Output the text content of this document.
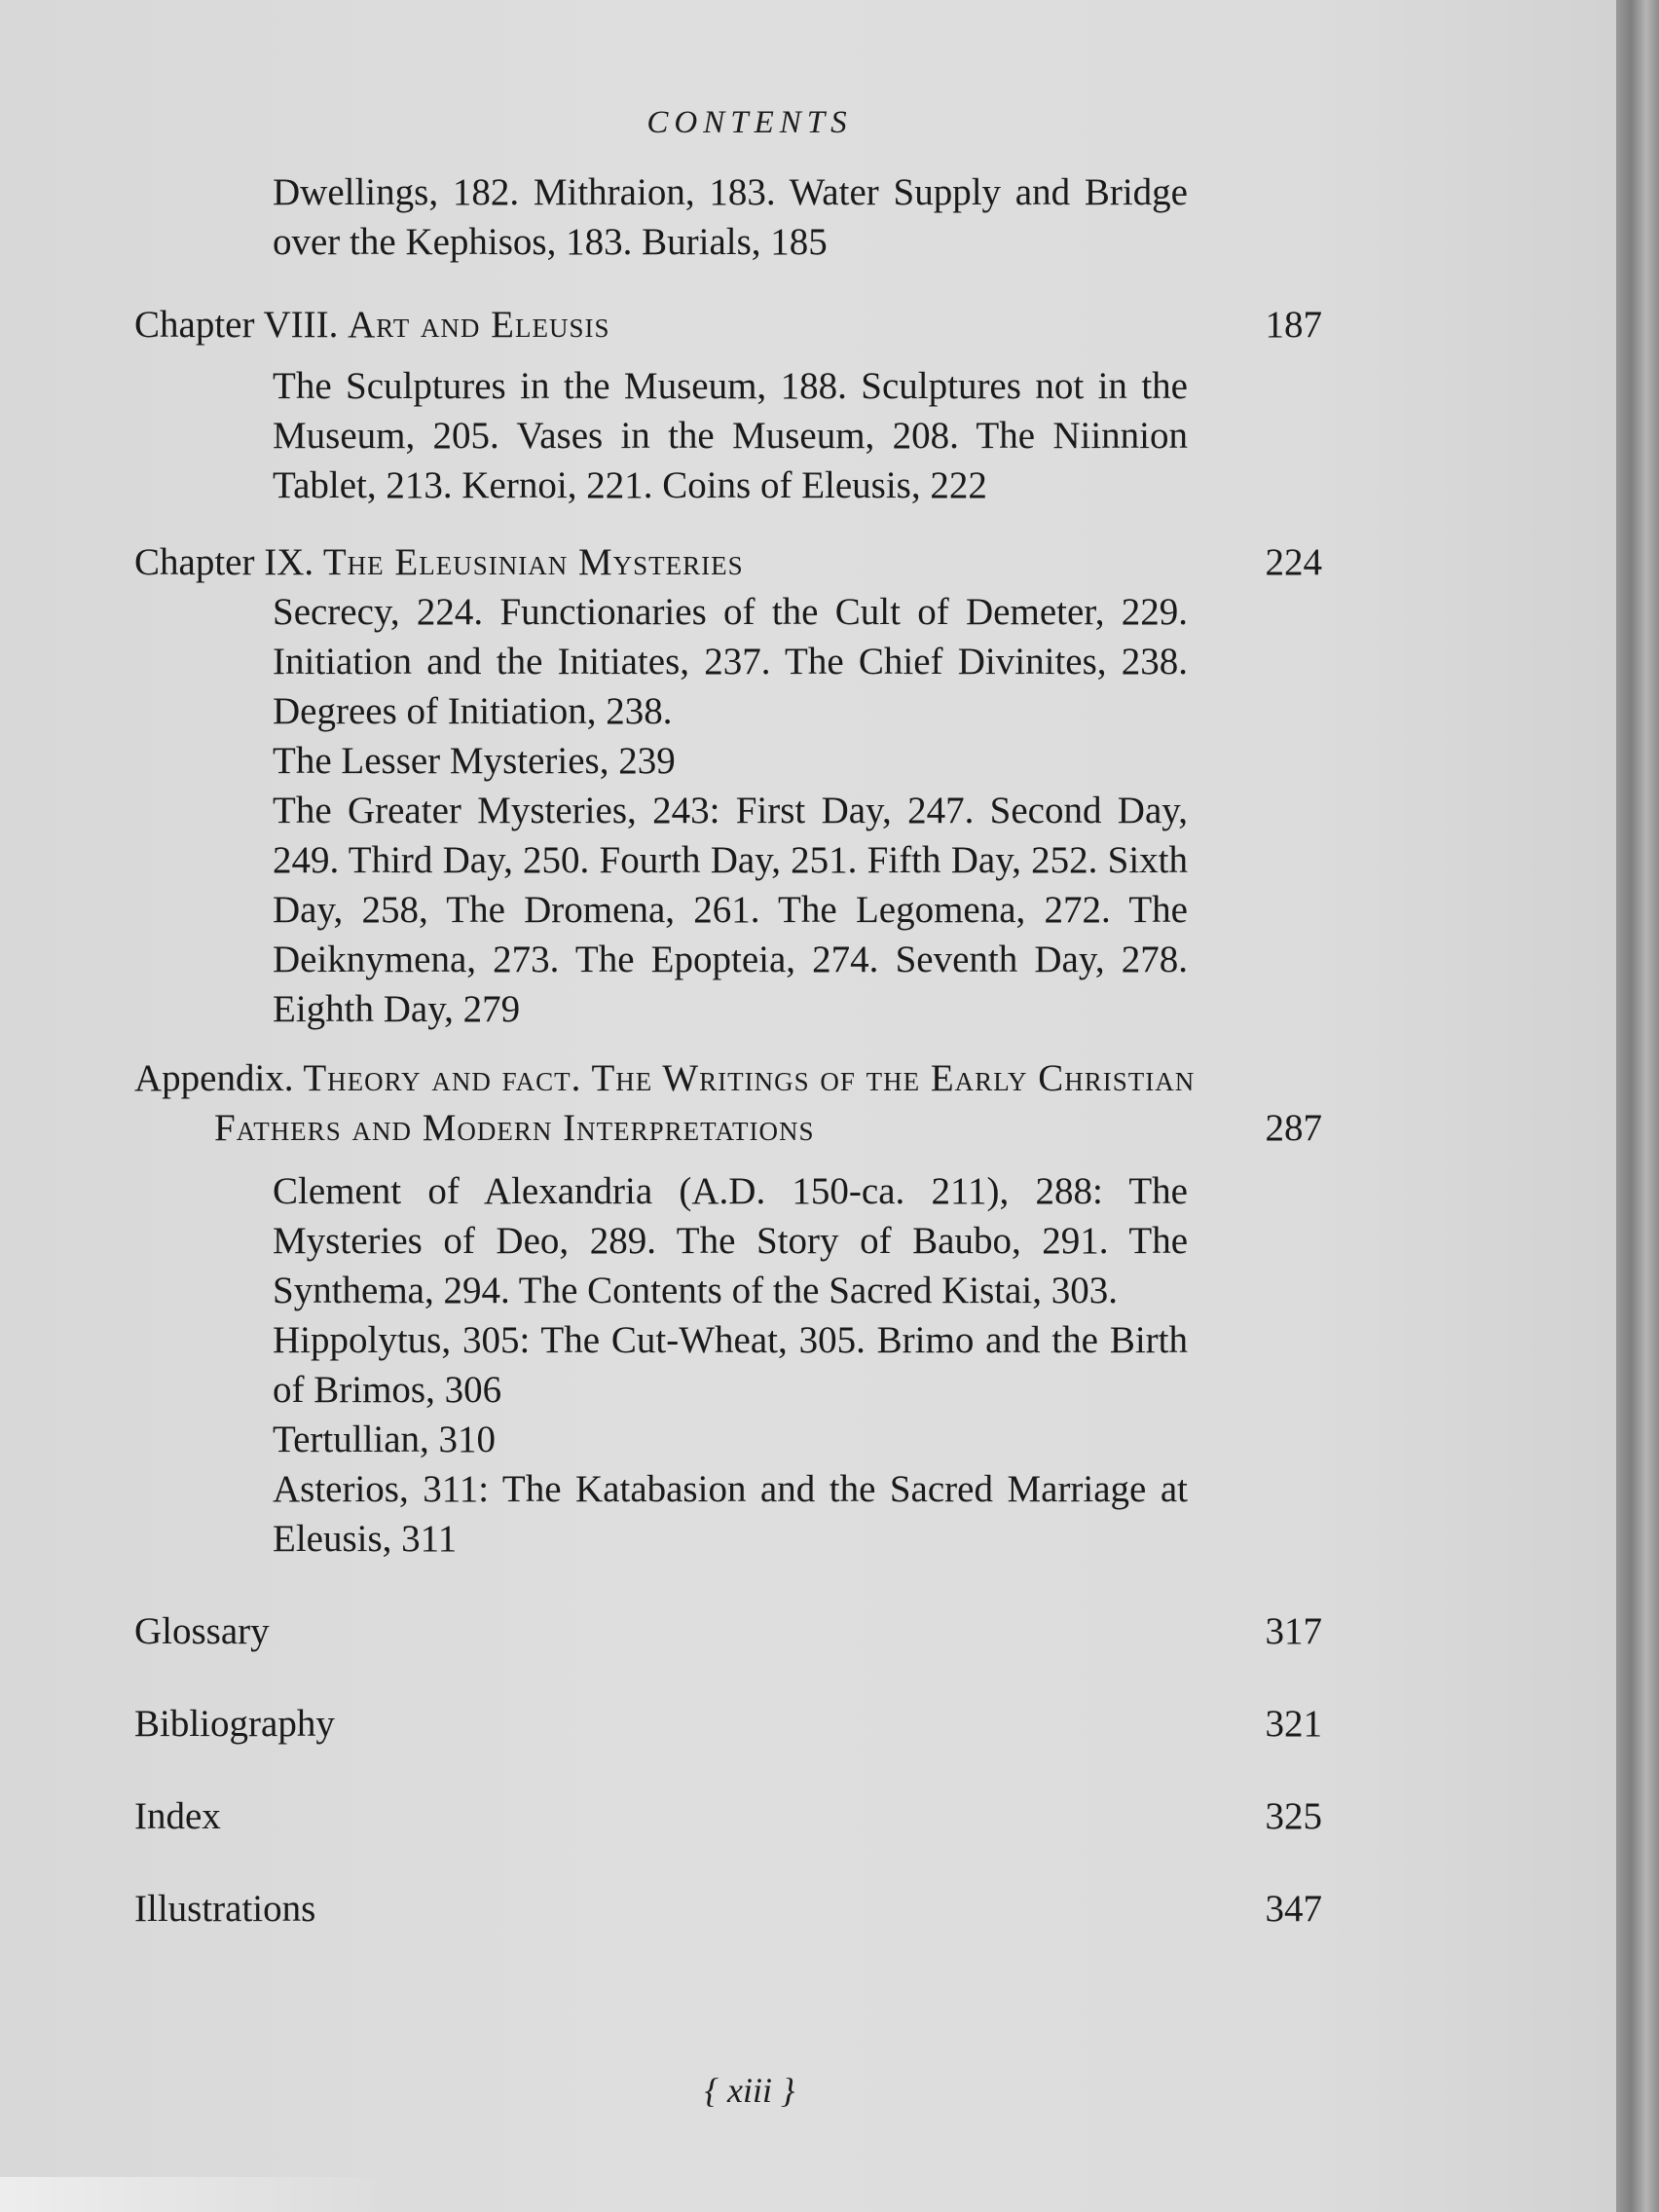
CONTENTS
Dwellings, 182. Mithraion, 183. Water Supply and Bridge over the Kephisos, 183. Burials, 185
Chapter VIII. Art and Eleusis	187
The Sculptures in the Museum, 188. Sculptures not in the Museum, 205. Vases in the Museum, 208. The Niinnion Tablet, 213. Kernoi, 221. Coins of Eleusis, 222
Chapter IX. The Eleusinian Mysteries	224
Secrecy, 224. Functionaries of the Cult of Demeter, 229. Initiation and the Initiates, 237. The Chief Divinites, 238. Degrees of Initiation, 238.
The Lesser Mysteries, 239
The Greater Mysteries, 243: First Day, 247. Second Day, 249. Third Day, 250. Fourth Day, 251. Fifth Day, 252. Sixth Day, 258, The Dromena, 261. The Legomena, 272. The Deiknymena, 273. The Epopteia, 274. Seventh Day, 278. Eighth Day, 279
Appendix. Theory and fact. The Writings of the Early Christian Fathers and Modern Interpretations	287
Clement of Alexandria (A.D. 150-ca. 211), 288: The Mysteries of Deo, 289. The Story of Baubo, 291. The Synthema, 294. The Contents of the Sacred Kistai, 303.
Hippolytus, 305: The Cut-Wheat, 305. Brimo and the Birth of Brimos, 306
Tertullian, 310
Asterios, 311: The Katabasion and the Sacred Marriage at Eleusis, 311
Glossary	317
Bibliography	321
Index	325
Illustrations	347
{ xiii }
